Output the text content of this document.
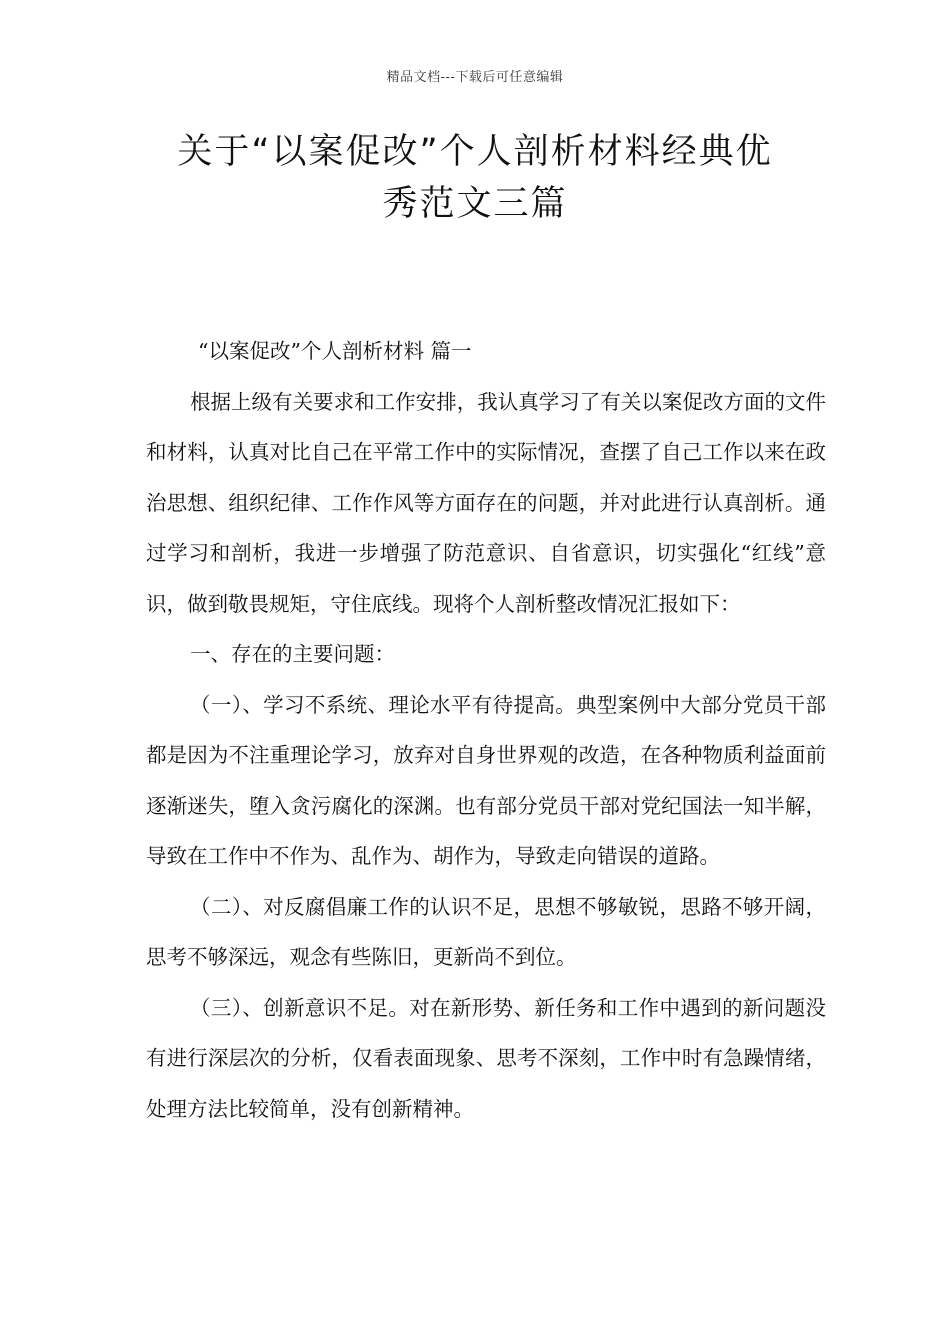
精品文档---下载后可任意编辑
关于“以案促改”个人剖析材料经典优
秀范文三篇

“以案促改”个人剖析材料 篇一

根据上级有关要求和工作安排，我认真学习了有关以案促改方面的文件和材料，认真对比自己在平常工作中的实际情况，查摆了自己工作以来在政治思想、组织纪律、工作作风等方面存在的问题，并对此进行认真剖析。通过学习和剖析，我进一步增强了防范意识、自省意识，切实强化“红线”意识，做到敬畏规矩，守住底线。现将个人剖析整改情况汇报如下：

一、存在的主要问题：

（一）、学习不系统、理论水平有待提高。典型案例中大部分党员干部都是因为不注重理论学习，放弃对自身世界观的改造，在各种物质利益面前逐渐迷失，堕入贪污腐化的深渊。也有部分党员干部对党纪国法一知半解，导致在工作中不作为、乱作为、胡作为，导致走向错误的道路。

（二）、对反腐倡廉工作的认识不足，思想不够敏锐，思路不够开阔，思考不够深远，观念有些陈旧，更新尚不到位。

（三）、创新意识不足。对在新形势、新任务和工作中遇到的新问题没有进行深层次的分析，仅看表面现象、思考不深刻，工作中时有急躁情绪，处理方法比较简单，没有创新精神。
